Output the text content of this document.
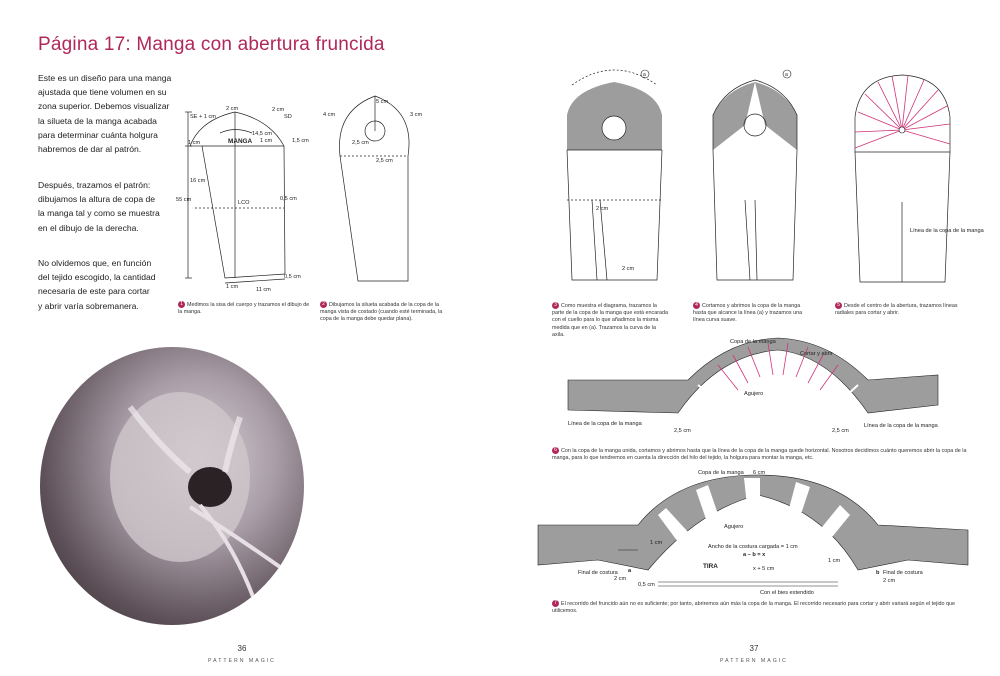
Página 17: Manga con abertura fruncida

Este es un diseño para una manga
ajustada que tiene volumen en su
zona superior. Debemos visualizar
la silueta de la manga acabada
para determinar cuánta holgura
habremos de dar al patrón.

Después, trazamos el patrón:
dibujamos la altura de copa de
la manga tal y como se muestra
en el dibujo de la derecha.

No olvidemos que, en función
del tejido escogido, la cantidad
necesaria de este para cortar
y abrir varía sobremanera.

SE + 1 cm
2 cm	2 cm
SD
MANGA
14,5 cm
1 cm	1 cm	1,5 cm
16 cm
55 cm	LCO
0,5 cm
0,5 cm
11 cm
1 cm
5 cm
4 cm	3 cm
2,5 cm
2,5 cm
1 Medimos la sisa del cuerpo y trazamos el dibujo de la manga.
2 Dibujamos la silueta acabada de la copa de la manga vista de costado (cuando esté terminada, la copa de la manga debe quedar plana).
36
PATTERN MAGIC
a
2 cm
2 cm
a
Línea de la copa de la manga
3 Como muestra el diagrama, trazamos la parte de la copa de la manga que está encarada con el cuello para lo que añadimos la misma medida que en (a). Trazamos la curva de la axila.
4 Cortamos y abrimos la copa de la manga hasta que alcance la línea (a) y trazamos una línea curva suave.
5 Desde el centro de la abertura, trazamos líneas radiales para cortar y abrir.
Copa de la manga
Cortar y abrir
Agujero
Línea de la copa de la manga	Línea de la copa de la manga
2,5 cm	2,5 cm
6 Con la copa de la manga unida, cortamos y abrimos hasta que la línea de la copa de la manga quede horizontal. Nosotros decidimos cuánto queremos abrir la copa de la manga, para lo que tendremos en cuenta la dirección del hilo del tejido, la holgura para montar la manga, etc.
Copa de la manga 6 cm
Agujero
Ancho de la costura cargada = 1 cm
a – b = x
TIRA	x + 5 cm
Con el bies extendido
Final de costura	Final de costura
a	b
2 cm	2 cm
0,5 cm
1 cm
1 cm
7 El recorrido del fruncido aún no es suficiente; por tanto, abriremos aún más la copa de la manga. El recorrido necesario para cortar y abrir variará según el tejido que utilicemos.
37
PATTERN MAGIC
